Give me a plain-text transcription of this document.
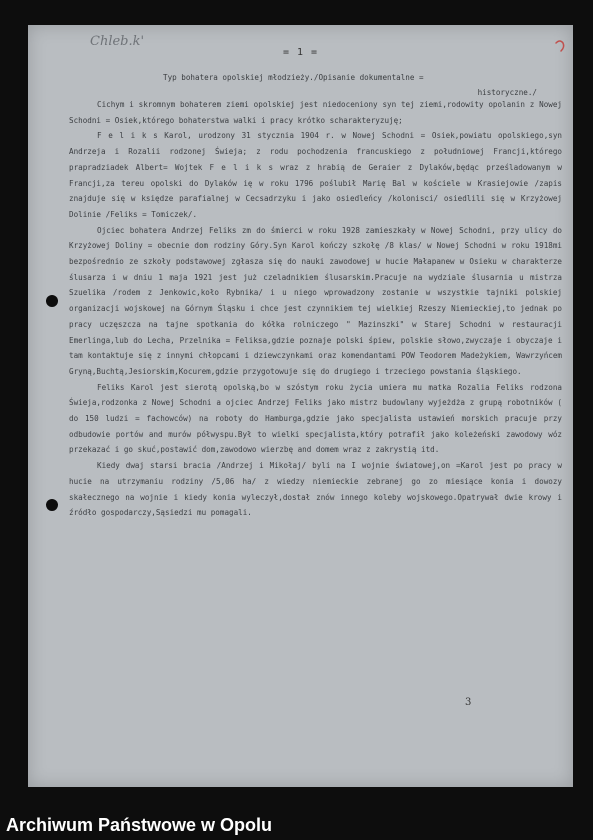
Chleb.k'
= 1 =
Typ bohatera opolskiej młodzieży./Opisanie dokumentalne =
historyczne./

Cichym i skromnym bohaterem ziemi opolskiej jest niedoceniony syn tej ziemi,rodowity opolanin z Nowej Schodni = Osiek,którego bohaterstwa walki i pracy krótko scharakteryzuję;

F e l i k s Karol, urodzony 31 stycznia 1904 r. w Nowej Schodni = Osiek,powiatu opolskiego,syn Andrzeja i Rozalii rodzonej Świeja; z rodu pochodzenia francuskiego z południowej Francji,którego prapradziadek Albert= Wojtek F e l i k s wraz z hrabią de Geraier z Dylaków,będąc prześladowanym w Francji,za tereu opolski do Dylaków ię w roku 1796 poślubił Marię Bal w kościele w Krasiejowie /zapis znajduje się w księdze parafialnej w Cecsadrzyku i jako osiedleńcy /kolonisci/ osiedlili się w Krzyżowej Dolinie /Feliks = Tomiczek/.

Ojciec bohatera Andrzej Feliks zm do śmierci w roku 1928 zamieszkały w Nowej Schodni, przy ulicy do Krzyżowej Doliny = obecnie dom rodziny Góry.Syn Karol kończy szkołę /8 klas/ w Nowej Schodni w roku 1918mi bezpośrednio ze szkoły podstawowej zgłasza się do nauki zawodowej w hucie Małapanew w Osieku w charakterze ślusarza i w dniu 1 maja 1921 jest już czeladnikiem ślusarskim.Pracuje na wydziale ślusarnia u mistrza Szuelika /rodem z Jenkowic,koło Rybnika/ i u niego wprowadzony zostanie w wszystkie tajniki polskiej organizacji wojskowej na Górnym Śląsku i chce jest czynnikiem tej wielkiej Rzeszy Niemieckiej,to jednak po pracy uczęszcza na tajne spotkania do kółka rolniczego " Mazinszki" w Starej Schodni w restauracji Emerlinga,lub do Lecha, Przelnika = Feliksa,gdzie poznaje polski śpiew, polskie słowo,zwyczaje i obyczaje i tam kontaktuje się z innymi chłopcami i dziewczynkami oraz komendantami POW Teodorem Madeżykiem, Wawrzyńcem Gryną,Buchtą,Jesiorskim,Kocurem,gdzie przygotowuje się do drugiego i trzeciego powstania śląskiego.

Feliks Karol jest sierotą opolską,bo w szóstym roku życia umiera mu matka Rozalia Feliks rodzona Świeja,rodzonka z Nowej Schodni a ojciec Andrzej Feliks jako mistrz budowlany wyjeżdża z grupą robotników ( do 150 ludzi = fachowców) na roboty do Hamburga,gdzie jako specjalista ustawień morskich pracuje przy odbudowie portów and murów półwyspu.Był to wielki specjalista,który potrafił jako koleżeński zawodowy wóz przekazać i go skuć,postawić dom,zawodowo wierzbę and domem wraz z zakrystią itd.

Kiedy dwaj starsi bracia /Andrzej i Mikołaj/ byli na I wojnie światowej,on =Karol jest po pracy w hucie na utrzymaniu rodziny /5,06 ha/ z wiedzy niemieckie zebranej go zo miesiące konia i dowozy skałecznego na wojnie i kiedy konia wyleczył,dostał znów innego koleby wojskowego.Opatrywał dwie krowy i źródło gospodarczy,Sąsiedzi mu pomagali.

3
Archiwum Państwowe w Opolu
